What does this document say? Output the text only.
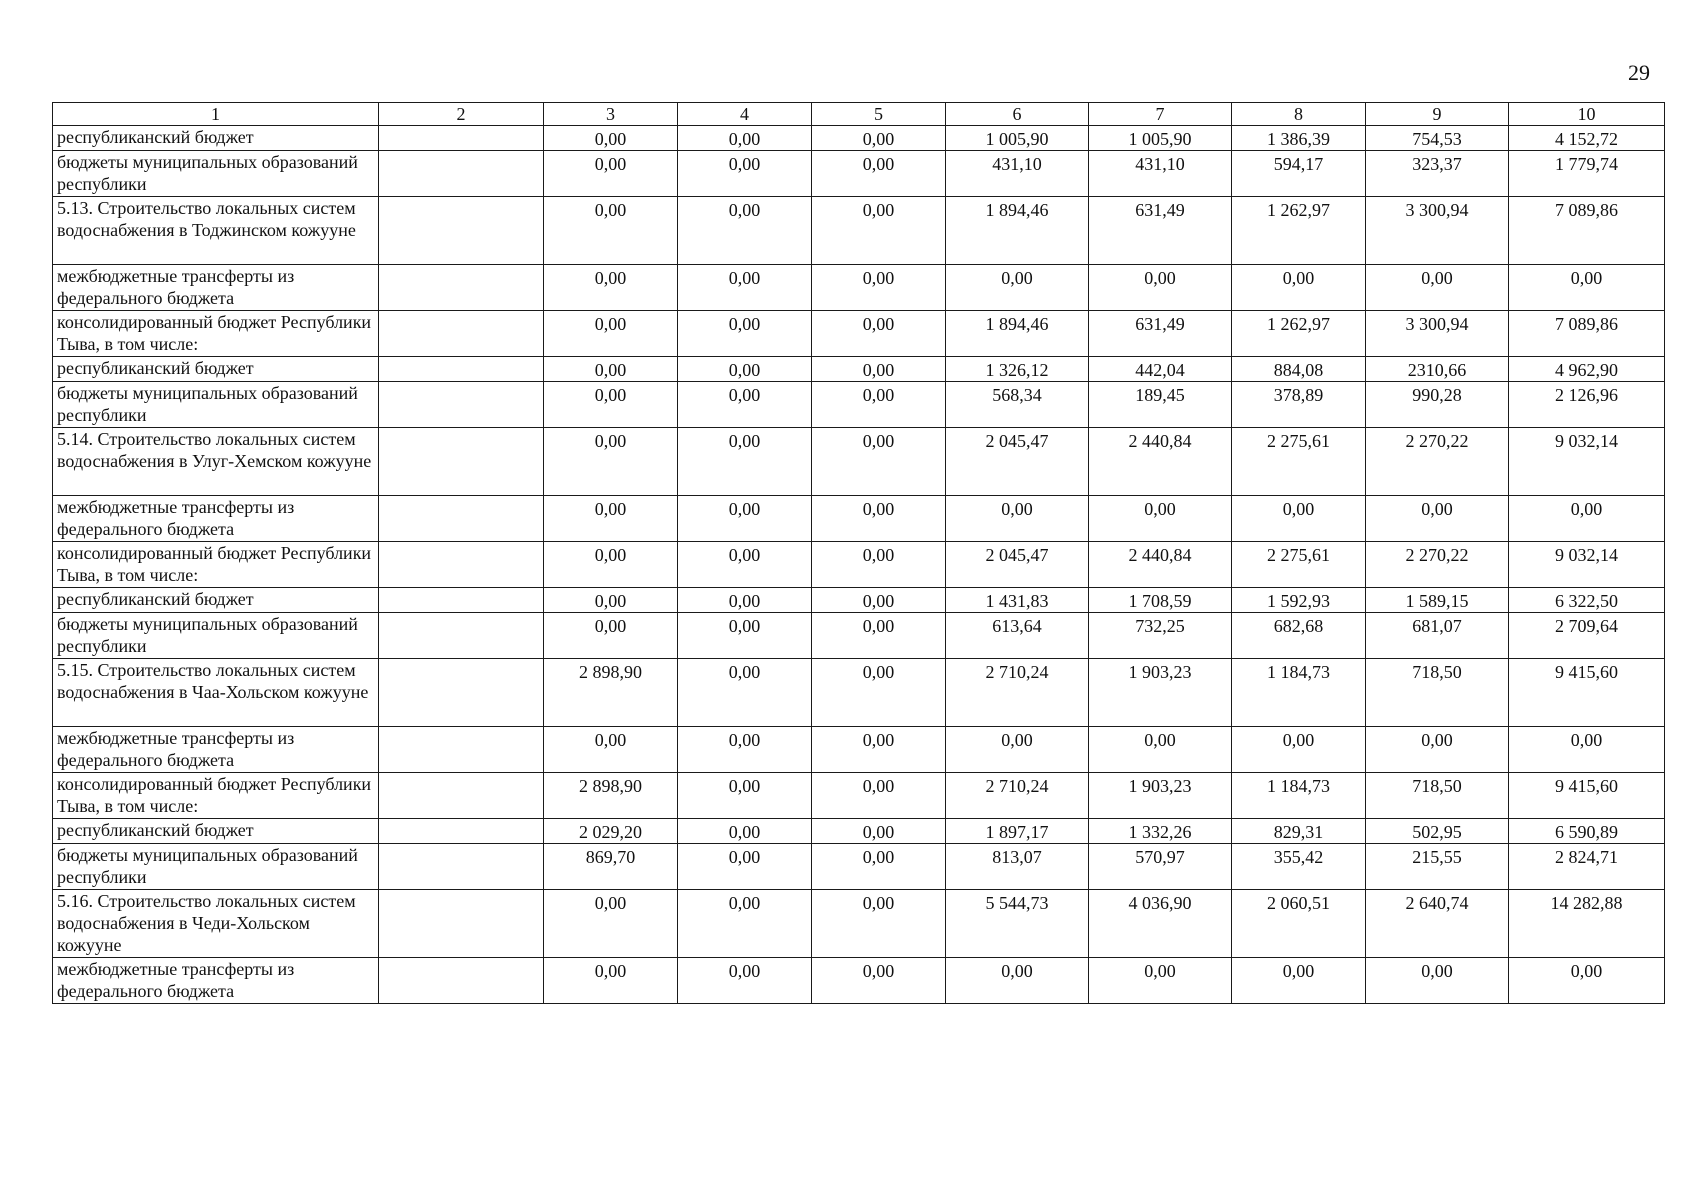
29
1	2	3	4	5	6	7	8	9	10
республиканский бюджет		0,00	0,00	0,00	1 005,90	1 005,90	1 386,39	754,53	4 152,72
бюджеты муниципальных образований республики		0,00	0,00	0,00	431,10	431,10	594,17	323,37	1 779,74
5.13. Строительство локальных систем водоснабжения в Тоджинском кожууне		0,00	0,00	0,00	1 894,46	631,49	1 262,97	3 300,94	7 089,86
межбюджетные трансферты из федерального бюджета		0,00	0,00	0,00	0,00	0,00	0,00	0,00	0,00
консолидированный бюджет Республики Тыва, в том числе:		0,00	0,00	0,00	1 894,46	631,49	1 262,97	3 300,94	7 089,86
республиканский бюджет		0,00	0,00	0,00	1 326,12	442,04	884,08	2310,66	4 962,90
бюджеты муниципальных образований республики		0,00	0,00	0,00	568,34	189,45	378,89	990,28	2 126,96
5.14. Строительство локальных систем водоснабжения в Улуг-Хемском кожууне		0,00	0,00	0,00	2 045,47	2 440,84	2 275,61	2 270,22	9 032,14
межбюджетные трансферты из федерального бюджета		0,00	0,00	0,00	0,00	0,00	0,00	0,00	0,00
консолидированный бюджет Республики Тыва, в том числе:		0,00	0,00	0,00	2 045,47	2 440,84	2 275,61	2 270,22	9 032,14
республиканский бюджет		0,00	0,00	0,00	1 431,83	1 708,59	1 592,93	1 589,15	6 322,50
бюджеты муниципальных образований республики		0,00	0,00	0,00	613,64	732,25	682,68	681,07	2 709,64
5.15. Строительство локальных систем водоснабжения в Чаа-Хольском кожууне		2 898,90	0,00	0,00	2 710,24	1 903,23	1 184,73	718,50	9 415,60
межбюджетные трансферты из федерального бюджета		0,00	0,00	0,00	0,00	0,00	0,00	0,00	0,00
консолидированный бюджет Республики Тыва, в том числе:		2 898,90	0,00	0,00	2 710,24	1 903,23	1 184,73	718,50	9 415,60
республиканский бюджет		2 029,20	0,00	0,00	1 897,17	1 332,26	829,31	502,95	6 590,89
бюджеты муниципальных образований республики		869,70	0,00	0,00	813,07	570,97	355,42	215,55	2 824,71
5.16. Строительство локальных систем водоснабжения в Чеди-Хольском кожууне		0,00	0,00	0,00	5 544,73	4 036,90	2 060,51	2 640,74	14 282,88
межбюджетные трансферты из федерального бюджета		0,00	0,00	0,00	0,00	0,00	0,00	0,00	0,00
